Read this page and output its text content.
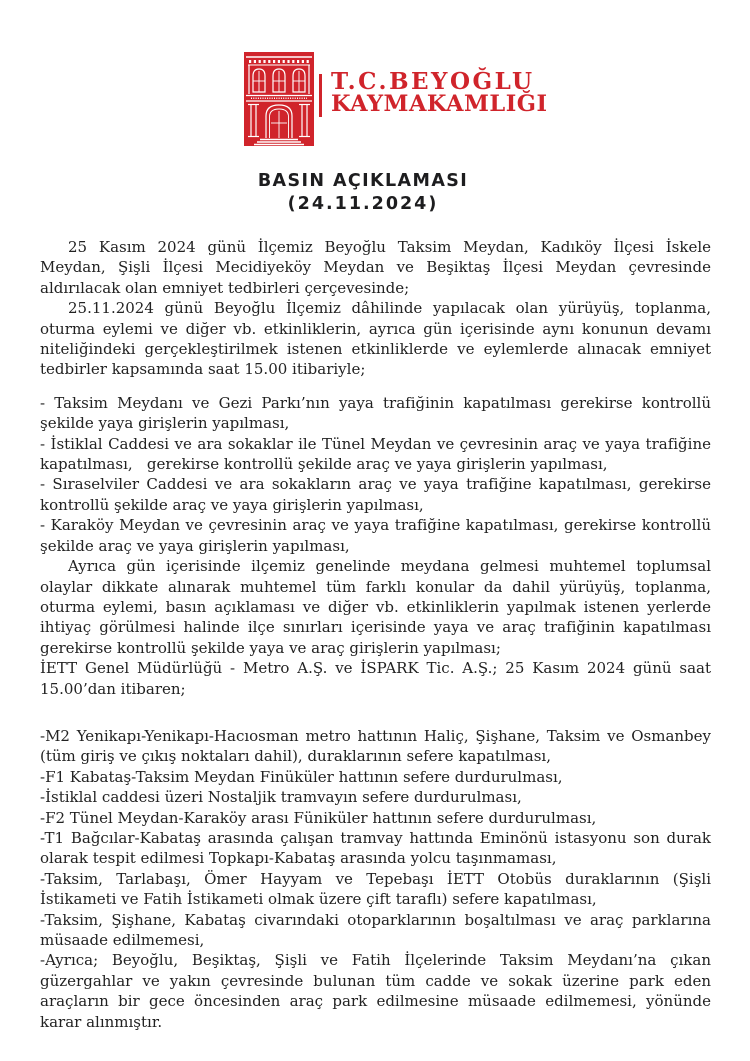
T.C.BEYOĞLU
KAYMAKAMLIĞI
BASIN AÇIKLAMASI
(24.11.2024)

25 Kasım 2024 günü İlçemiz Beyoğlu Taksim Meydan, Kadıköy İlçesi İskele Meydan, Şişli İlçesi Mecidiyeköy Meydan ve Beşiktaş İlçesi Meydan çevresinde aldırılacak olan emniyet tedbirleri çerçevesinde;

25.11.2024 günü Beyoğlu İlçemiz dâhilinde yapılacak olan yürüyüş, toplanma, oturma eylemi ve diğer vb. etkinliklerin, ayrıca gün içerisinde aynı konunun devamı niteliğindeki gerçekleştirilmek istenen etkinliklerde ve eylemlerde alınacak emniyet tedbirler kapsamında saat 15.00 itibariyle;

- Taksim Meydanı ve Gezi Parkı’nın yaya trafiğinin kapatılması gerekirse kontrollü şekilde yaya girişlerin yapılması,

- İstiklal Caddesi ve ara sokaklar ile Tünel Meydan ve çevresinin araç ve yaya trafiğine kapatılması,   gerekirse kontrollü şekilde araç ve yaya girişlerin yapılması,

- Sıraselviler Caddesi ve ara sokakların araç ve yaya trafiğine kapatılması, gerekirse kontrollü şekilde araç ve yaya girişlerin yapılması,

- Karaköy Meydan ve çevresinin araç ve yaya trafiğine kapatılması, gerekirse kontrollü şekilde araç ve yaya girişlerin yapılması,

Ayrıca gün içerisinde ilçemiz genelinde meydana gelmesi muhtemel toplumsal olaylar dikkate alınarak muhtemel tüm farklı konular da dahil yürüyüş, toplanma, oturma eylemi, basın açıklaması ve diğer vb. etkinliklerin yapılmak istenen yerlerde ihtiyaç görülmesi halinde ilçe sınırları içerisinde yaya ve araç trafiğinin kapatılması gerekirse kontrollü şekilde yaya ve araç girişlerin yapılması;

İETT Genel Müdürlüğü - Metro A.Ş. ve İSPARK Tic. A.Ş.; 25 Kasım 2024 günü saat 15.00’dan itibaren;

-M2 Yenikapı-Yenikapı-Hacıosman metro hattının Haliç, Şişhane, Taksim ve Osmanbey (tüm giriş ve çıkış noktaları dahil), duraklarının sefere kapatılması,

-F1 Kabataş-Taksim Meydan Finüküler hattının sefere durdurulması,

-İstiklal caddesi üzeri Nostaljik tramvayın sefere durdurulması,

-F2 Tünel Meydan-Karaköy arası Füniküler hattının sefere durdurulması,

-T1 Bağcılar-Kabataş arasında çalışan tramvay hattında Eminönü istasyonu son durak olarak tespit edilmesi Topkapı-Kabataş arasında yolcu taşınmaması,

-Taksim, Tarlabaşı, Ömer Hayyam ve Tepebaşı İETT Otobüs duraklarının (Şişli İstikameti ve Fatih İstikameti olmak üzere çift taraflı) sefere kapatılması,

-Taksim, Şişhane, Kabataş civarındaki otoparklarının boşaltılması ve araç parklarına müsaade edilmemesi,

-Ayrıca; Beyoğlu, Beşiktaş, Şişli ve Fatih İlçelerinde Taksim Meydanı’na çıkan güzergahlar ve yakın çevresinde bulunan tüm cadde ve sokak üzerine park eden araçların bir gece öncesinden araç park edilmesine müsaade edilmemesi, yönünde karar alınmıştır.
